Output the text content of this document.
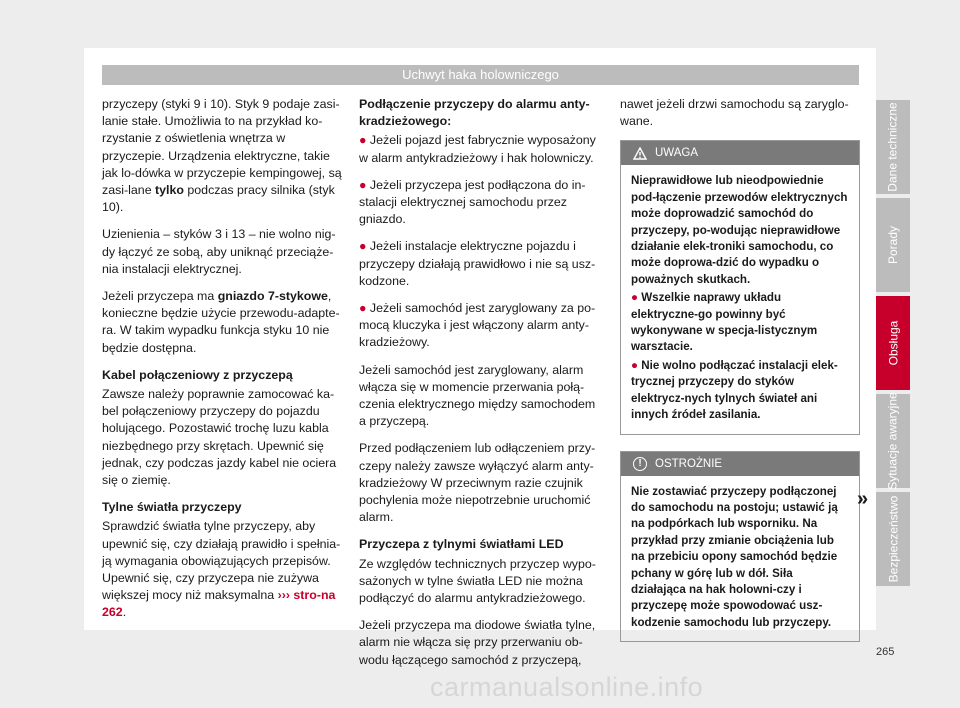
Uchwyt haka holowniczego

przyczepy (styki 9 i 10). Styk 9 podaje zasi-lanie stałe. Umożliwia to na przykład ko-rzystanie z oświetlenia wnętrza w przyczepie. Urządzenia elektryczne, takie jak lo-dówka w przyczepie kempingowej, są zasi-lane tylko podczas pracy silnika (styk 10).

Uzienienia – styków 3 i 13 – nie wolno nig-dy łączyć ze sobą, aby uniknąć przeciąże-nia instalacji elektrycznej.

Jeżeli przyczepa ma gniazdo 7-stykowe, konieczne będzie użycie przewodu-adapte-ra. W takim wypadku funkcja styku 10 nie będzie dostępna.

Kabel połączeniowy z przyczepą

Zawsze należy poprawnie zamocować ka-bel połączeniowy przyczepy do pojazdu holującego. Pozostawić trochę luzu kabla niezbędnego przy skrętach. Upewnić się jednak, czy podczas jazdy kabel nie ociera się o ziemię.

Tylne światła przyczepy

Sprawdzić światła tylne przyczepy, aby upewnić się, czy działają prawidło i spełnia-ją wymagania obowiązujących przepisów. Upewnić się, czy przyczepa nie zużywa większej mocy niż maksymalna ››› stro-na 262.

Podłączenie przyczepy do alarmu anty-kradzieżowego:

● Jeżeli pojazd jest fabrycznie wyposażony w alarm antykradzieżowy i hak holowniczy.

● Jeżeli przyczepa jest podłączona do in-stalacji elektrycznej samochodu przez gniazdo.

● Jeżeli instalacje elektryczne pojazdu i przyczepy działają prawidłowo i nie są usz-kodzone.

● Jeżeli samochód jest zaryglowany za po-mocą kluczyka i jest włączony alarm anty-kradzieżowy.

Jeżeli samochód jest zaryglowany, alarm włącza się w momencie przerwania połą-czenia elektrycznego między samochodem a przyczepą.

Przed podłączeniem lub odłączeniem przy-czepy należy zawsze wyłączyć alarm anty-kradzieżowy W przeciwnym razie czujnik pochylenia może niepotrzebnie uruchomić alarm.

Przyczepa z tylnymi światłami LED

Ze względów technicznych przyczep wypo-sażonych w tylne światła LED nie można podłączyć do alarmu antykradzieżowego.

Jeżeli przyczepa ma diodowe światła tylne, alarm nie włącza się przy przerwaniu ob-wodu łączącego samochód z przyczepą,

nawet jeżeli drzwi samochodu są zaryglo-wane.

UWAGA

Nieprawidłowe lub nieodpowiednie pod-łączenie przewodów elektrycznych może doprowadzić samochód do przyczepy, po-wodując nieprawidłowe działanie elek-troniki samochodu, co może doprowa-dzić do wypadku o poważnych skutkach.

● Wszelkie naprawy układu elektryczne-go powinny być wykonywane w specja-listycznym warsztacie.

● Nie wolno podłączać instalacji elek-trycznej przyczepy do styków elektrycz-nych tylnych świateł ani innych źródeł zasilania.

!	OSTROŻNIE

Nie zostawiać przyczepy podłączonej do samochodu na postoju; ustawić ją na podpórkach lub wsporniku. Na przykład przy zmianie obciążenia lub na przebiciu opony samochód będzie pchany w górę lub w dół. Siła działająca na hak holowni-czy i przyczepę może spowodować usz-kodzenie samochodu lub przyczepy.

»
Dane techniczne
Porady
Obsługa
Sytuacje awaryjne
Bezpieczeństwo
265
carmanualsonline.info
